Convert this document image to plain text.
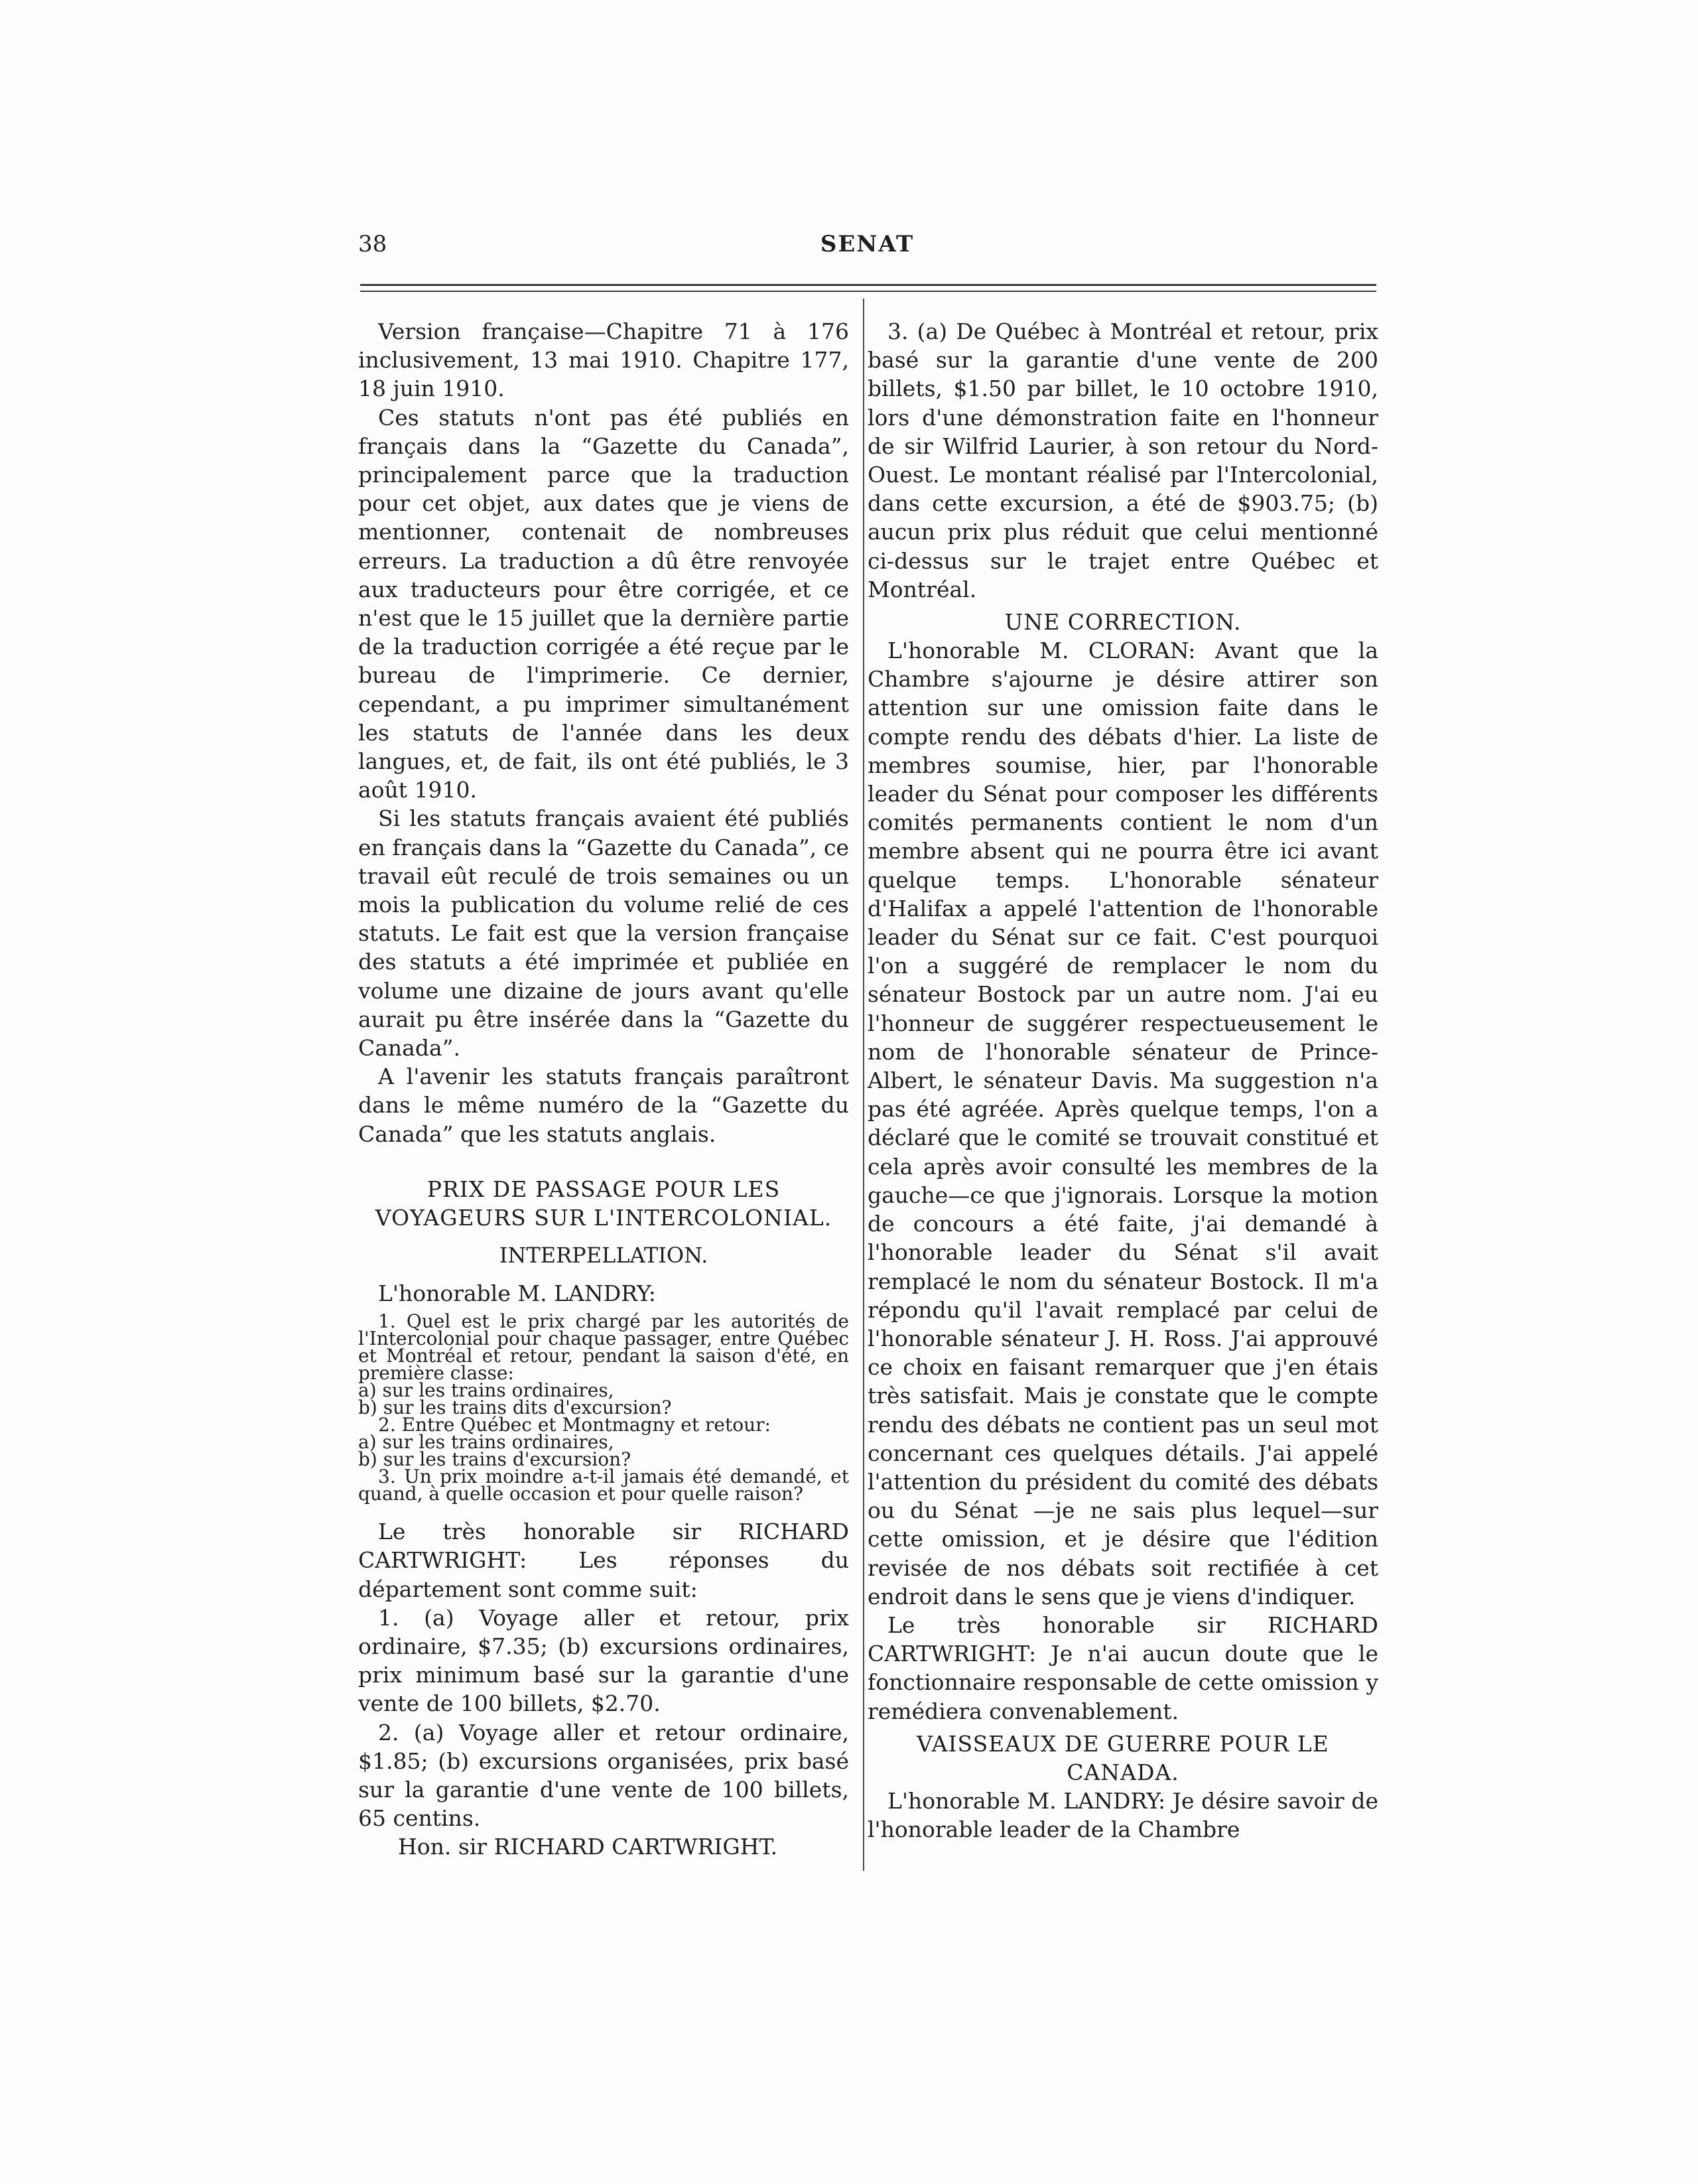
38	SENAT

Version française—Chapitre 71 à 176 inclusivement, 13 mai 1910. Chapitre 177, 18 juin 1910.

Ces statuts n'ont pas été publiés en français dans la “Gazette du Canada”, principalement parce que la traduction pour cet objet, aux dates que je viens de mentionner, contenait de nombreuses erreurs. La traduction a dû être renvoyée aux traducteurs pour être corrigée, et ce n'est que le 15 juillet que la dernière partie de la traduction corrigée a été reçue par le bureau de l'imprimerie. Ce dernier, cependant, a pu imprimer simultanément les statuts de l'année dans les deux langues, et, de fait, ils ont été publiés, le 3 août 1910.

Si les statuts français avaient été publiés en français dans la “Gazette du Canada”, ce travail eût reculé de trois semaines ou un mois la publication du volume relié de ces statuts. Le fait est que la version française des statuts a été imprimée et publiée en volume une dizaine de jours avant qu'elle aurait pu être insérée dans la “Gazette du Canada”.

A l'avenir les statuts français paraîtront dans le même numéro de la “Gazette du Canada” que les statuts anglais.

PRIX DE PASSAGE POUR LES VOYAGEURS SUR L'INTERCOLONIAL.
INTERPELLATION.

L'honorable M. LANDRY:

1. Quel est le prix chargé par les autorités de l'Intercolonial pour chaque passager, entre Québec et Montréal et retour, pendant la saison d'été, en première classe:

a) sur les trains ordinaires,

b) sur les trains dits d'excursion?

2. Entre Québec et Montmagny et retour:

a) sur les trains ordinaires,

b) sur les trains d'excursion?

3. Un prix moindre a-t-il jamais été demandé, et quand, à quelle occasion et pour quelle raison?

Le très honorable sir RICHARD CARTWRIGHT: Les réponses du département sont comme suit:

1. (a) Voyage aller et retour, prix ordinaire, $7.35; (b) excursions ordinaires, prix minimum basé sur la garantie d'une vente de 100 billets, $2.70.

2. (a) Voyage aller et retour ordinaire, $1.85; (b) excursions organisées, prix basé sur la garantie d'une vente de 100 billets, 65 centins.

Hon. sir RICHARD CARTWRIGHT.

3. (a) De Québec à Montréal et retour, prix basé sur la garantie d'une vente de 200 billets, $1.50 par billet, le 10 octobre 1910, lors d'une démonstration faite en l'honneur de sir Wilfrid Laurier, à son retour du Nord-Ouest. Le montant réalisé par l'Intercolonial, dans cette excursion, a été de $903.75; (b) aucun prix plus réduit que celui mentionné ci-dessus sur le trajet entre Québec et Montréal.

UNE CORRECTION.

L'honorable M. CLORAN: Avant que la Chambre s'ajourne je désire attirer son attention sur une omission faite dans le compte rendu des débats d'hier. La liste de membres soumise, hier, par l'honorable leader du Sénat pour composer les différents comités permanents contient le nom d'un membre absent qui ne pourra être ici avant quelque temps. L'honorable sénateur d'Halifax a appelé l'attention de l'honorable leader du Sénat sur ce fait. C'est pourquoi l'on a suggéré de remplacer le nom du sénateur Bostock par un autre nom. J'ai eu l'honneur de suggérer respectueusement le nom de l'honorable sénateur de Prince-Albert, le sénateur Davis. Ma suggestion n'a pas été agréée. Après quelque temps, l'on a déclaré que le comité se trouvait constitué et cela après avoir consulté les membres de la gauche—ce que j'ignorais. Lorsque la motion de concours a été faite, j'ai demandé à l'honorable leader du Sénat s'il avait remplacé le nom du sénateur Bostock. Il m'a répondu qu'il l'avait remplacé par celui de l'honorable sénateur J. H. Ross. J'ai approuvé ce choix en faisant remarquer que j'en étais très satisfait. Mais je constate que le compte rendu des débats ne contient pas un seul mot concernant ces quelques détails. J'ai appelé l'attention du président du comité des débats ou du Sénat —je ne sais plus lequel—sur cette omission, et je désire que l'édition revisée de nos débats soit rectifiée à cet endroit dans le sens que je viens d'indiquer.

Le très honorable sir RICHARD CARTWRIGHT: Je n'ai aucun doute que le fonctionnaire responsable de cette omission y remédiera convenablement.

VAISSEAUX DE GUERRE POUR LE CANADA.

L'honorable M. LANDRY: Je désire savoir de l'honorable leader de la Chambre
